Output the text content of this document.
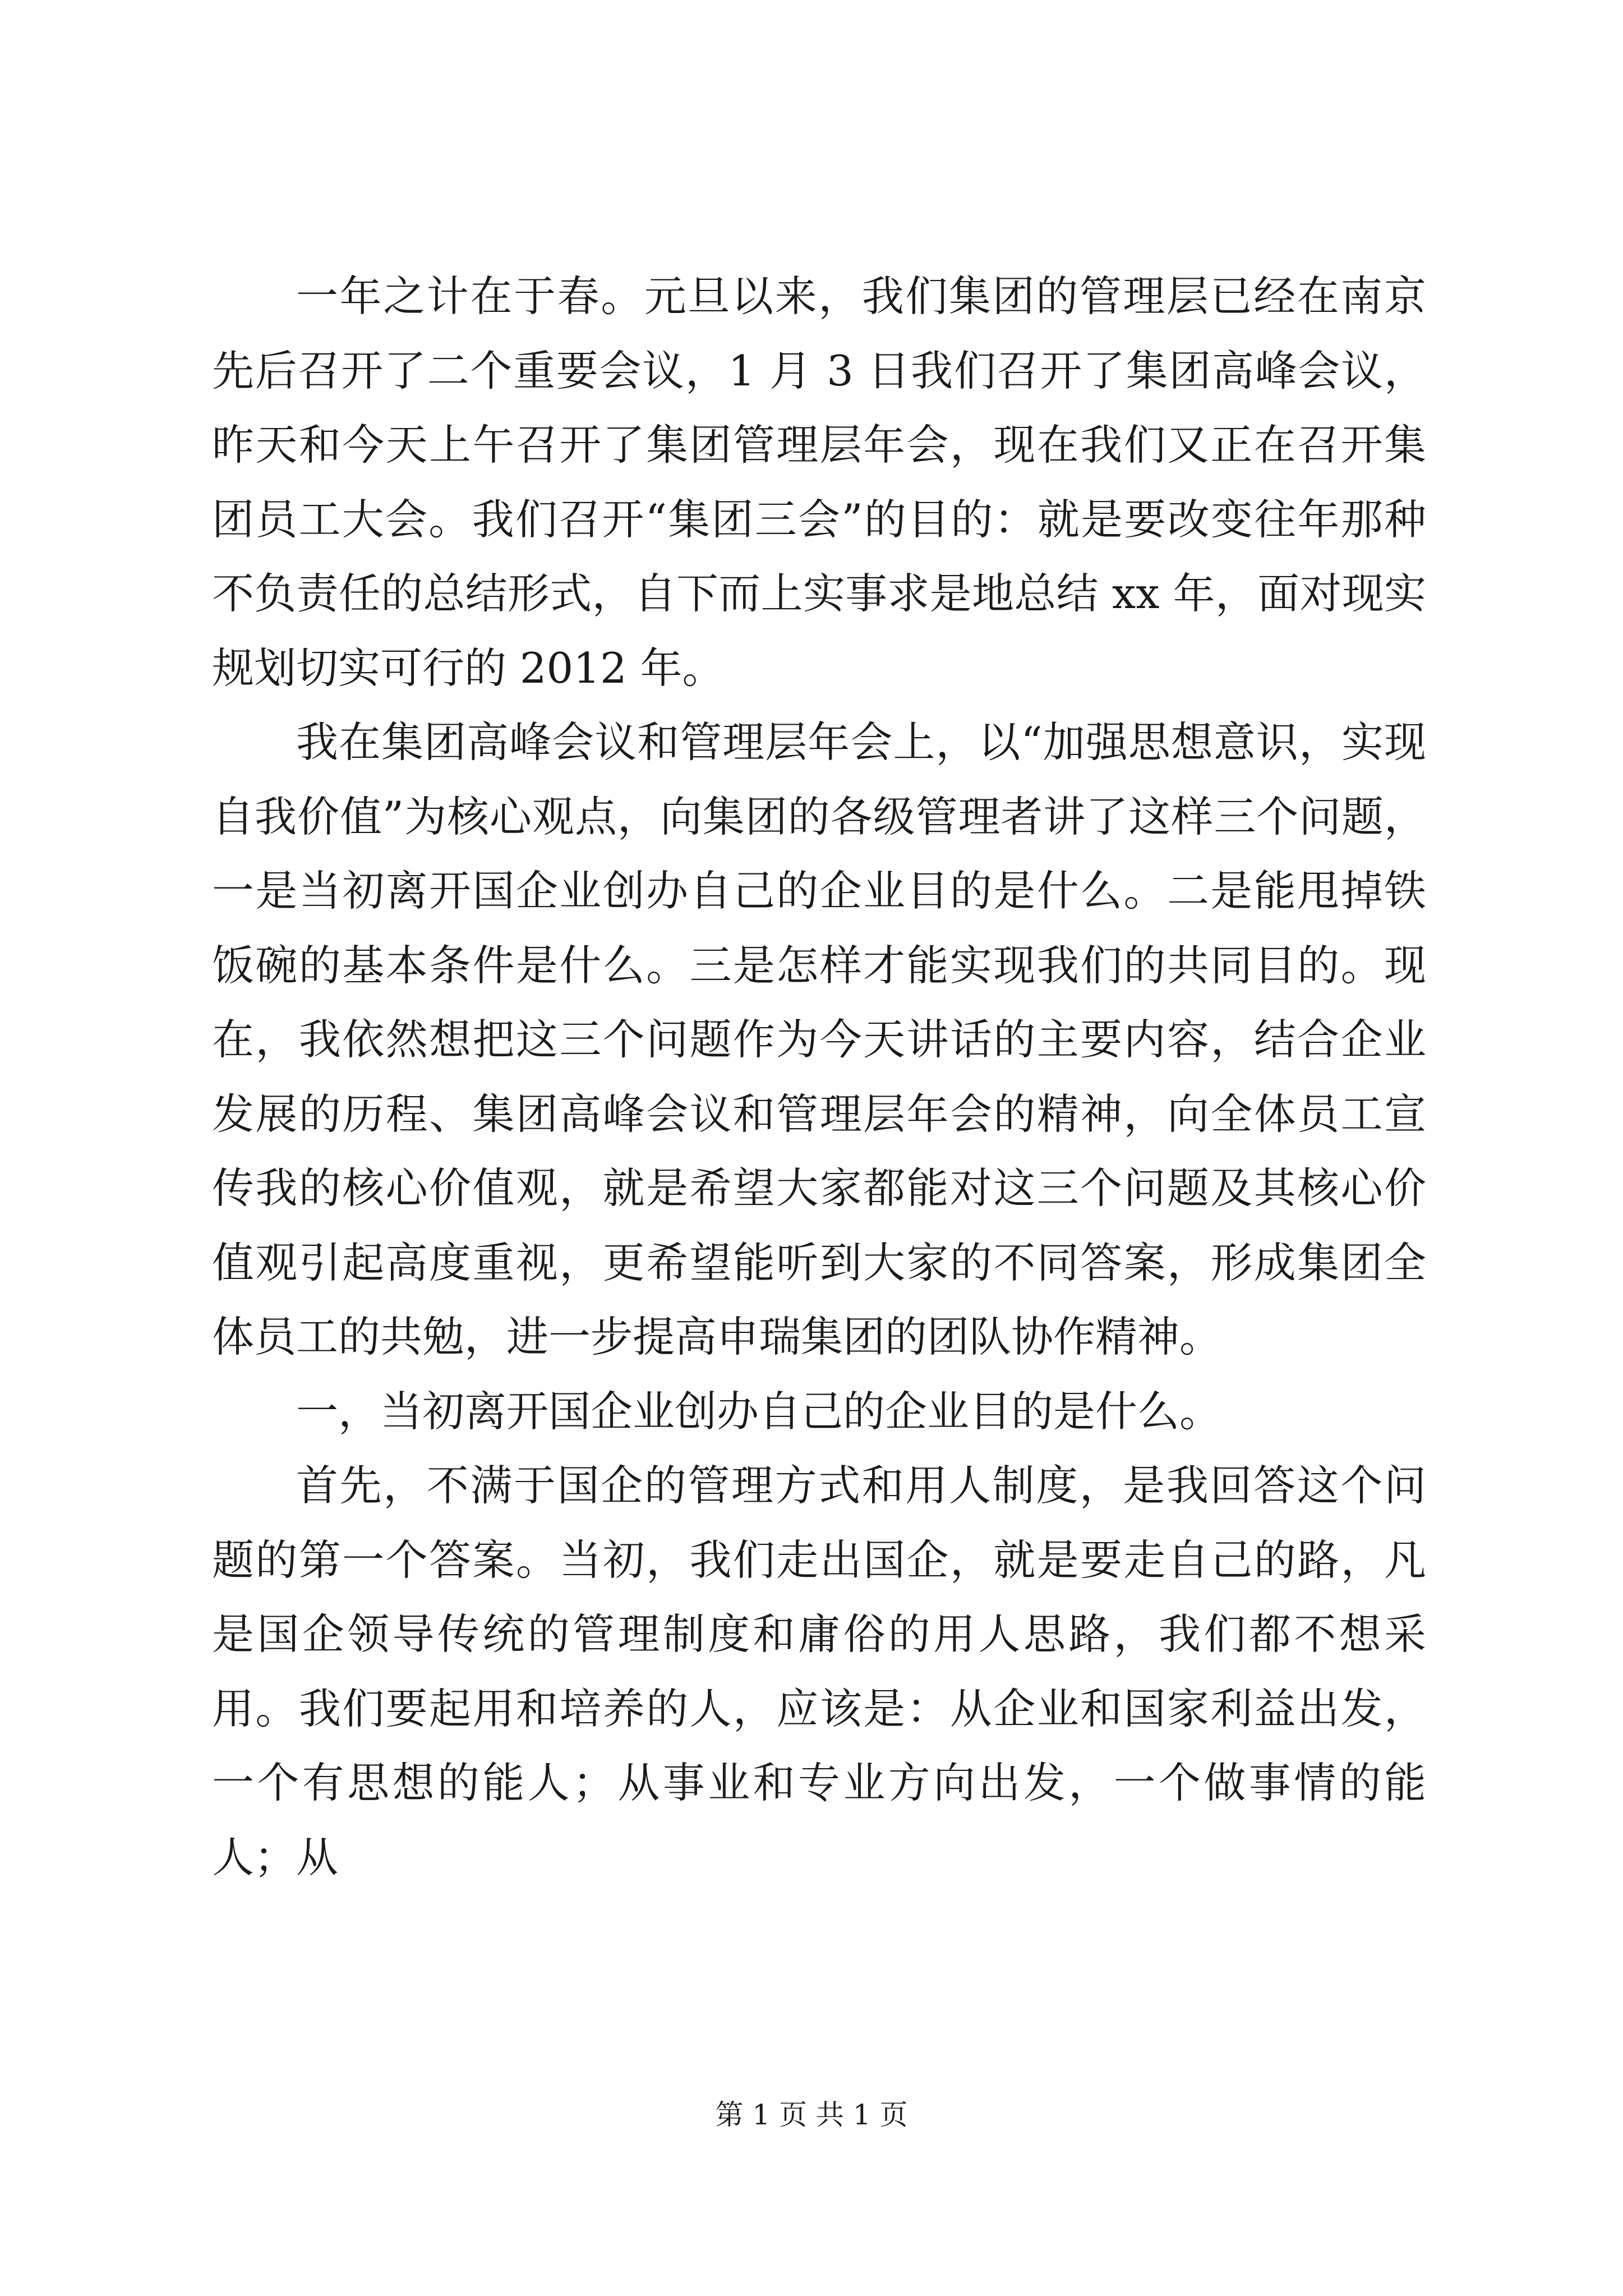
一年之计在于春。元旦以来，我们集团的管理层已经在南京先后召开了二个重要会议，1 月 3 日我们召开了集团高峰会议，昨天和今天上午召开了集团管理层年会，现在我们又正在召开集团员工大会。我们召开“集团三会”的目的：就是要改变往年那种不负责任的总结形式，自下而上实事求是地总结 xx 年，面对现实规划切实可行的 2012 年。

我在集团高峰会议和管理层年会上，以“加强思想意识，实现自我价值”为核心观点，向集团的各级管理者讲了这样三个问题，一是当初离开国企业创办自己的企业目的是什么。二是能甩掉铁饭碗的基本条件是什么。三是怎样才能实现我们的共同目的。现在，我依然想把这三个问题作为今天讲话的主要内容，结合企业发展的历程、集团高峰会议和管理层年会的精神，向全体员工宣传我的核心价值观，就是希望大家都能对这三个问题及其核心价值观引起高度重视，更希望能听到大家的不同答案，形成集团全体员工的共勉，进一步提高申瑞集团的团队协作精神。

一，当初离开国企业创办自己的企业目的是什么。

首先，不满于国企的管理方式和用人制度，是我回答这个问题的第一个答案。当初，我们走出国企，就是要走自己的路，凡是国企领导传统的管理制度和庸俗的用人思路，我们都不想采用。我们要起用和培养的人，应该是：从企业和国家利益出发，一个有思想的能人；从事业和专业方向出发，一个做事情的能人；从

第 1 页 共 1 页
